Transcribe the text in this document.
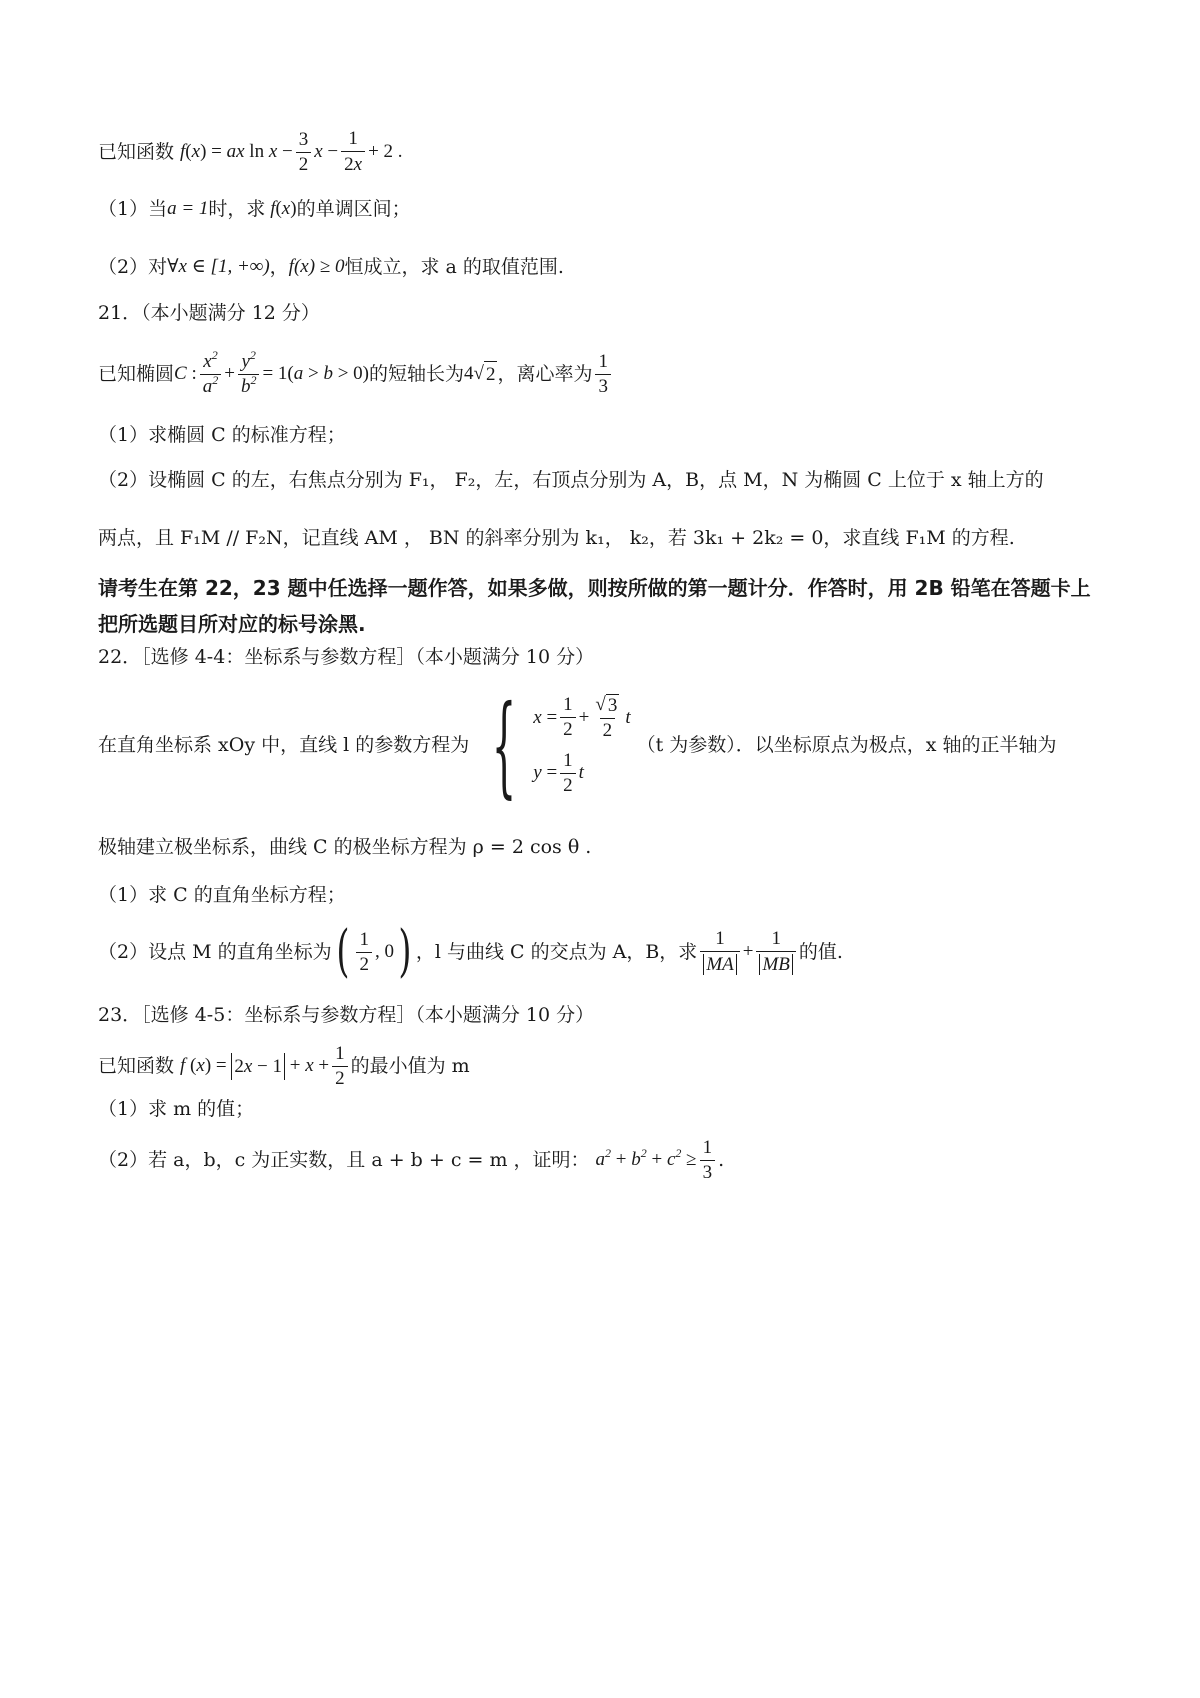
已知函数 f ( x ) = ax $\ln x - \frac{3}{2}$ $x - \frac{1}{2x} + 2$ .
（1）当 a = 1 时，求 f ( x ) 的单调区间；
（2）对 ∀x ∈ [1, +∞) ， f(x) ≥ 0 恒成立，求 a 的取值范围.
21．（本小题满分 12 分）
已知椭圆 C : $\frac{x^2}{a^2} + \frac{y^2}{b^2} = 1$( a > b > 0) 的短轴长为 4 √ 2 ，离心率为 $\frac{1}{3}$
（1）求椭圆 C 的标准方程；
（2）设椭圆 C 的左，右焦点分别为 F₁， F₂，左，右顶点分别为 A，B，点 M，N 为椭圆 C 上位于 x 轴上方的
两点，且 F₁M // F₂N，记直线 AM ， BN 的斜率分别为 k₁， k₂，若 3k₁ + 2k₂ = 0，求直线 F₁M 的方程.
请考生在第 22，23 题中任选择一题作答，如果多做，则按所做的第一题计分．作答时，用 2B 铅笔在答题卡上把所选题目所对应的标号涂黑.
22．［选修 4-4：坐标系与参数方程］（本小题满分 10 分）
在直角坐标系 xOy 中，直线 l 的参数方程为 { $x = \frac{1}{2} + \frac{√ 3}{2}$ t
$y = \frac{1}{2}$ t
（t 为参数）．以坐标原点为极点，x 轴的正半轴为
极轴建立极坐标系，曲线 C 的极坐标方程为 ρ = 2 cos θ .
（1）求 C 的直角坐标方程；
（2）设点 M 的直角坐标为 ( $\frac{1}{2}$ , 0 ) ，l 与曲线 C 的交点为 A，B，求 $\frac{1}{MA} + \frac{1}{MB}$ 的值.
23．［选修 4-5：坐标系与参数方程］（本小题满分 10 分）
已知函数 f ( x ) = $2x - 1 + x + \frac{1}{2}$ 的最小值为 m
（1）求 m 的值；
（2）若 a，b，c 为正实数，且 a + b + c = m ，证明： $a^2 + b^2 + c^2 \ge \frac{1}{3}$ .
